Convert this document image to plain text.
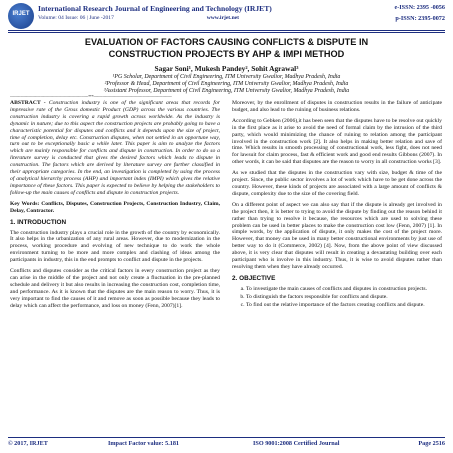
IRJET
International Research Journal of Engineering and Technology (IRJET)
Volume: 04 Issue: 06 | June -2017	www.irjet.net
e-ISSN: 2395 -0056
p-ISSN: 2395-0072
EVALUATION OF FACTORS CAUSING CONFLICTS & DISPUTE IN
CONSTRUCTION PROJECTS BY AHP & IMPI METHOD
Sagar Soni¹, Mukesh Pandey², Sohit Agrawal³
¹PG Scholar, Department of Civil Engineering, ITM University Gwalior, Madhya Pradesh, India
²Professor & Head, Department of Civil Engineering, ITM University Gwalior, Madhya Pradesh, India
³Assistant Professor, Department of Civil Engineering, ITM University Gwalior, Madhya Pradesh, India
---------------------------------------------------------------------***---------------------------------------------------------------------

ABSTRACT - Construction industry is one of the significant areas that records for impressive rate of the Gross domestic Product (GDP) across the various countries. The construction industry is covering a rapid growth across worldwide. As the industry is dynamic in nature; due to this aspect the construction projects are probably going to have a characteristic potential for disputes and conflicts and it depends upon the size of project, time of completion, delay etc. Construction disputes, when not settled in an opportune way, turn out to be exceptionally basic a while later. This paper is aim to analyze the factors which are mainly responsible for conflicts and dispute in construction. In order to do so a literature survey is conducted that gives the desired factors which leads to dispute in construction. The factors which are derived by literature survey are further classified in their appropriate categories. In the end, an investigation is completed by using the process of analytical hierarchy process (AHP) and important index (IMPI) which gives the relative importance of these factors. This paper is expected to believe by helping the stakeholders to follow-up the main causes of conflicts and dispute in construction projects.

Key Words: Conflicts, Disputes, Construction Projects, Construction Industry, Claim, Delay, Contractor.

1. INTRODUCTION

The construction industry plays a crucial role in the growth of the country by economically. It also helps in the urbanization of any rural areas. However, due to modernization in the process, working procedure and evolving of new technique to do work the whole environment turning to be more and more complex and clashing of ideas among the participants in industry, this in the end prompts to conflict and dispute in the projects.

Conflicts and disputes consider as the critical factors in every construction project as they can arise in the middle of the project and not only create a fluctuation in the pre-planned schedule and delivery it but also results in increasing the construction cost, completion time, and performance. As it is known that the disputes are the main reason to worry. Thus, it is very important to find the causes of it and remove as soon as possible because they leads to delay which can affect the performance, and loss on money (Fenn, 2007)[1].

Moreover, by the enrollment of disputes in construction results in the failure of anticipate budget, and also lead to the ruining of business relations.

According to Gebken (2006),it has been seen that the disputes have to be resolve out quickly in the first place as it arise to avoid the need of formal claim by the intrusion of the third party, which would minimizing the chance of ruining to relation among the participant involved in the construction work [2]. It also helps in making better relation and save of time. Which results in smooth processing of constructional work, less fight, does not need for lawsuit for claim process, fast & efficient work and good end results Gibbons (2007). In other words, it can be said that disputes are the reason to worry in all construction works [3].

As we studied that the disputes in the construction vary with size, budget & time of the project. Since, the public sector involves a lot of work which have to be get done across the country. However, these kinds of projects are associated with a large amount of conflicts & dispute, complexity due to the size of the covering field.

On a different point of aspect we can also say that if the dispute is already get involved in the project then, it is better to trying to avoid the dispute by finding out the reason behind it rather than trying to resolve it because, the resources which are used to solving these problem can be used in better places to make the construction cost low (Fenn, 2007) [1]. In simple words, by the application of dispute, it only makes the cost of the project more. However, that money can be used in many better constructional environments by just use of better way to do it (Commerce, 2002) [4]. Now, from the above point of view discussed above, it is very clear that disputes will result in creating a devastating building over each participant who is involve in this industry. Thus, it is wise to avoid disputes rather than resolving them when they have already occurred.

2. OBJECTIVE
a. To investigate the main causes of conflicts and disputes in construction projects.
b. To distinguish the factors responsible for conflicts and dispute.
c. To find out the relative importance of the factors creating conflicts and dispute.
© 2017, IRJET	Impact Factor value: 5.181	ISO 9001:2008 Certified Journal	Page 2516
